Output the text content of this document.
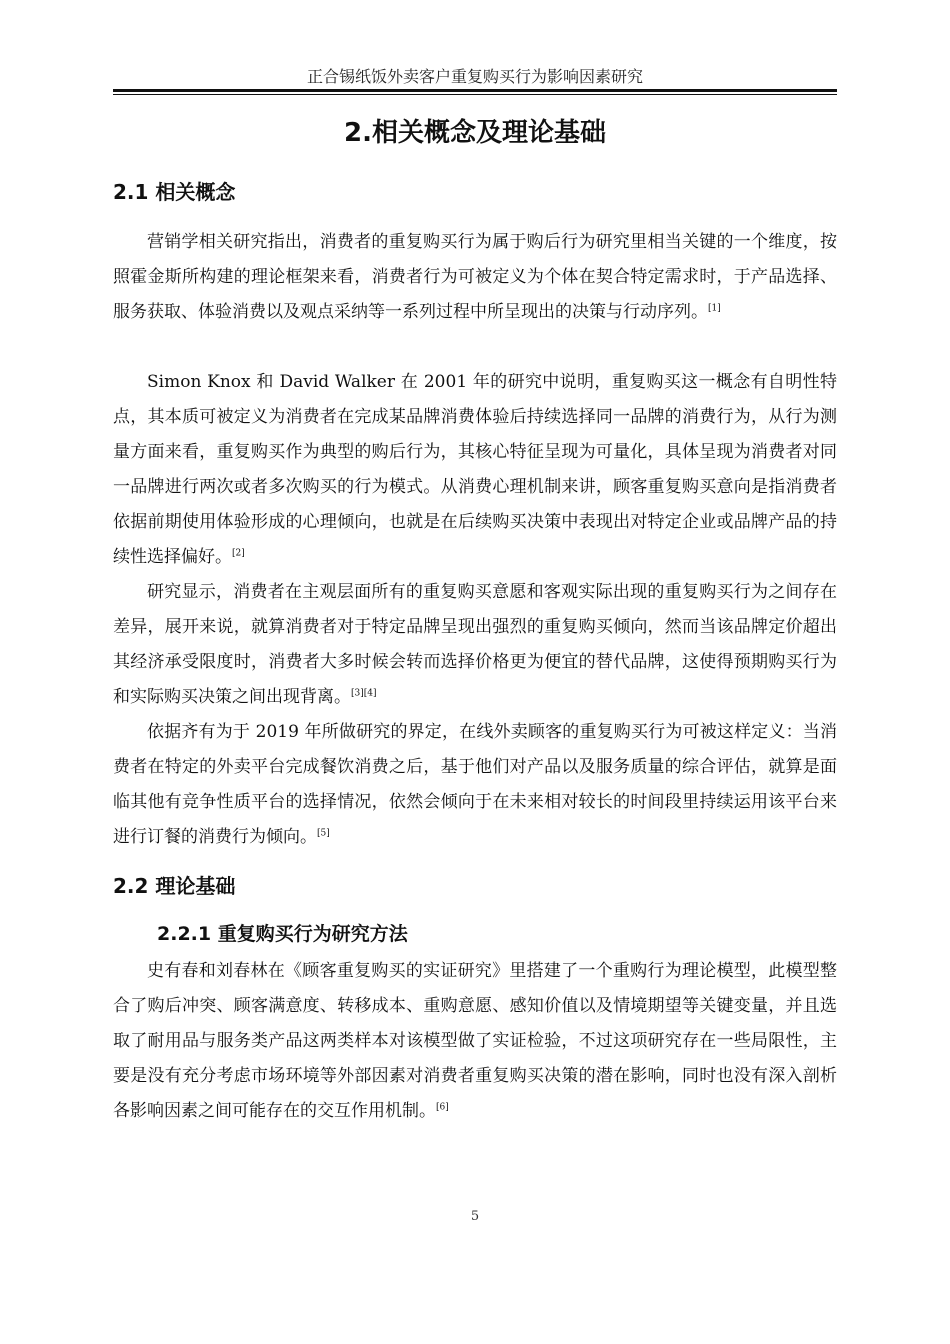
正合锡纸饭外卖客户重复购买行为影响因素研究
2.相关概念及理论基础
2.1 相关概念

营销学相关研究指出，消费者的重复购买行为属于购后行为研究里相当关键的一个维度，按照霍金斯所构建的理论框架来看，消费者行为可被定义为个体在契合特定需求时，于产品选择、服务获取、体验消费以及观点采纳等一系列过程中所呈现出的决策与行动序列。[1]

Simon Knox 和 David Walker 在 2001 年的研究中说明，重复购买这一概念有自明性特点，其本质可被定义为消费者在完成某品牌消费体验后持续选择同一品牌的消费行为，从行为测量方面来看，重复购买作为典型的购后行为，其核心特征呈现为可量化，具体呈现为消费者对同一品牌进行两次或者多次购买的行为模式。从消费心理机制来讲，顾客重复购买意向是指消费者依据前期使用体验形成的心理倾向，也就是在后续购买决策中表现出对特定企业或品牌产品的持续性选择偏好。[2]

研究显示，消费者在主观层面所有的重复购买意愿和客观实际出现的重复购买行为之间存在差异，展开来说，就算消费者对于特定品牌呈现出强烈的重复购买倾向，然而当该品牌定价超出其经济承受限度时，消费者大多时候会转而选择价格更为便宜的替代品牌，这使得预期购买行为和实际购买决策之间出现背离。[3][4]

依据齐有为于 2019 年所做研究的界定，在线外卖顾客的重复购买行为可被这样定义：当消费者在特定的外卖平台完成餐饮消费之后，基于他们对产品以及服务质量的综合评估，就算是面临其他有竞争性质平台的选择情况，依然会倾向于在未来相对较长的时间段里持续运用该平台来进行订餐的消费行为倾向。[5]

2.2 理论基础
2.2.1 重复购买行为研究方法

史有春和刘春林在《顾客重复购买的实证研究》里搭建了一个重购行为理论模型，此模型整合了购后冲突、顾客满意度、转移成本、重购意愿、感知价值以及情境期望等关键变量，并且选取了耐用品与服务类产品这两类样本对该模型做了实证检验，不过这项研究存在一些局限性，主要是没有充分考虑市场环境等外部因素对消费者重复购买决策的潜在影响，同时也没有深入剖析各影响因素之间可能存在的交互作用机制。[6]

5
